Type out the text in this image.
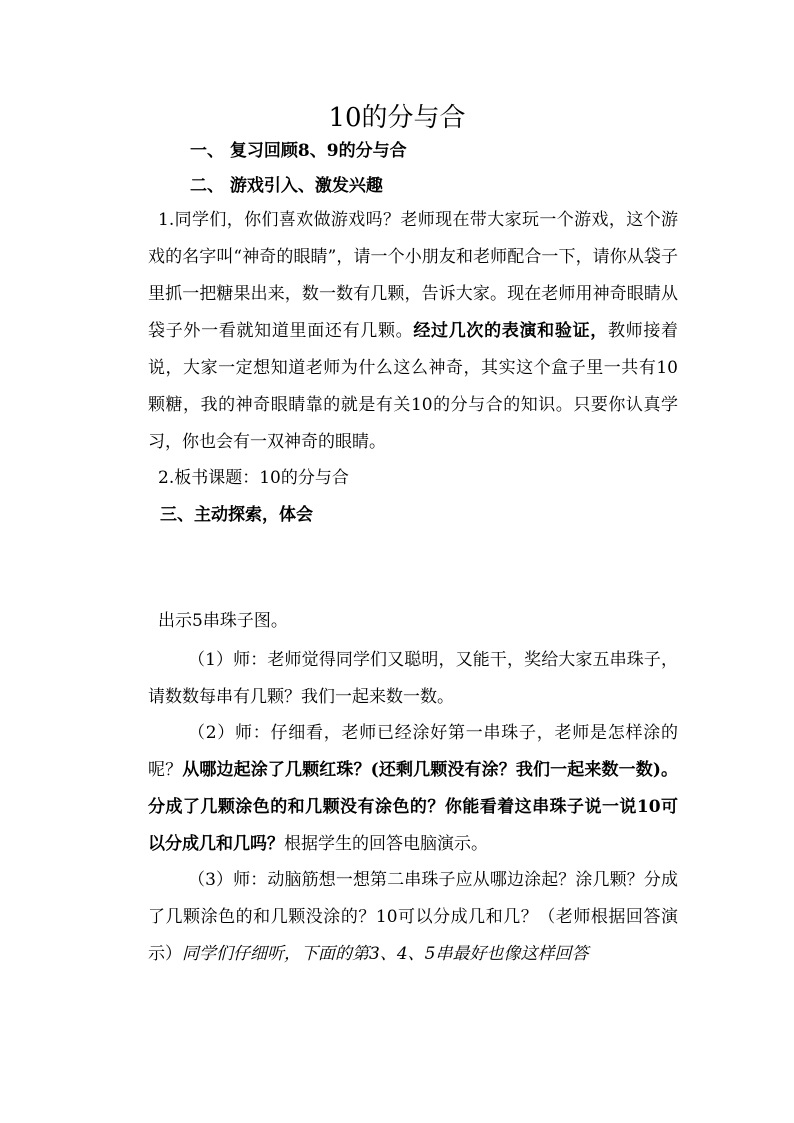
10的分与合
一、 复习回顾8、9的分与合
二、 游戏引入、激发兴趣

1.同学们，你们喜欢做游戏吗？老师现在带大家玩一个游戏，这个游戏的名字叫“神奇的眼睛”，请一个小朋友和老师配合一下，请你从袋子里抓一把糖果出来，数一数有几颗，告诉大家。现在老师用神奇眼睛从袋子外一看就知道里面还有几颗。经过几次的表演和验证，教师接着说，大家一定想知道老师为什么这么神奇，其实这个盒子里一共有10颗糖，我的神奇眼睛靠的就是有关10的分与合的知识。只要你认真学习，你也会有一双神奇的眼睛。

2.板书课题：10的分与合

三、主动探索，体会

出示5串珠子图。

（1）师：老师觉得同学们又聪明，又能干，奖给大家五串珠子，请数数每串有几颗？我们一起来数一数。

（2）师：仔细看，老师已经涂好第一串珠子，老师是怎样涂的呢？从哪边起涂了几颗红珠？(还剩几颗没有涂？我们一起来数一数)。分成了几颗涂色的和几颗没有涂色的？你能看着这串珠子说一说10可以分成几和几吗？根据学生的回答电脑演示。

（3）师：动脑筋想一想第二串珠子应从哪边涂起？涂几颗？分成了几颗涂色的和几颗没涂的？10可以分成几和几？（老师根据回答演示）同学们仔细听，下面的第3、4、5串最好也像这样回答
